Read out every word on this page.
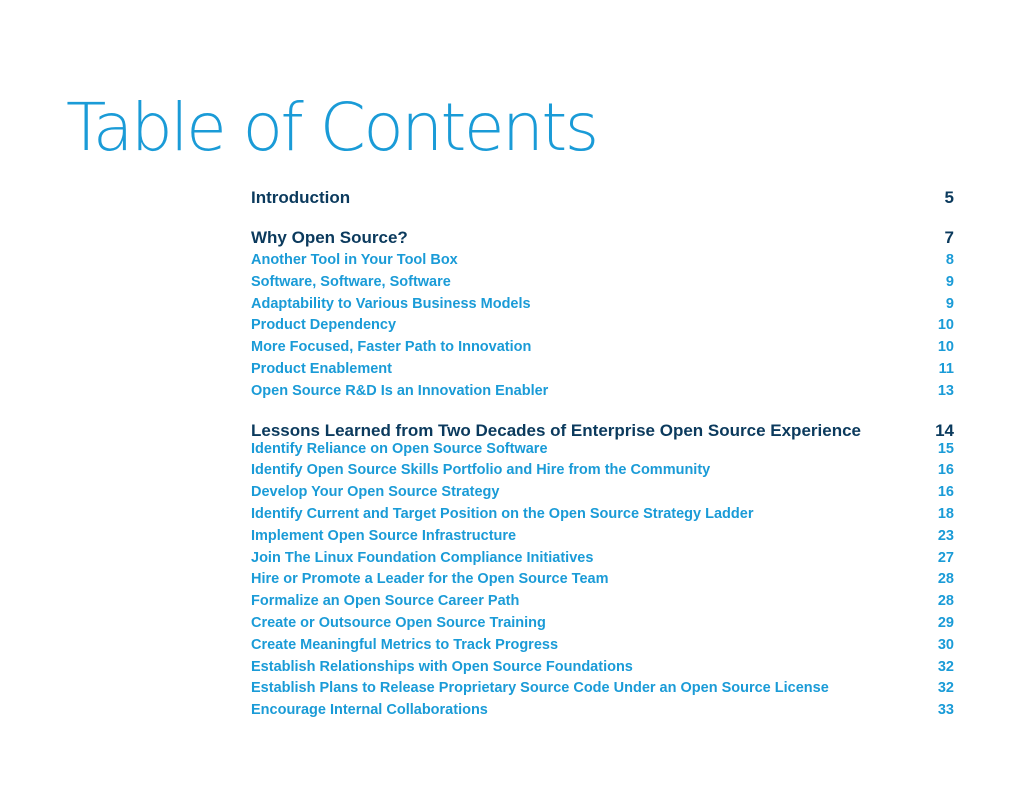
Table of Contents
Introduction	5
Why Open Source?	7
Another Tool in Your Tool Box	8
Software, Software, Software	9
Adaptability to Various Business Models	9
Product Dependency	10
More Focused, Faster Path to Innovation	10
Product Enablement	11
Open Source R&D Is an Innovation Enabler	13
Lessons Learned from Two Decades of Enterprise Open Source Experience	14
Identify Reliance on Open Source Software	15
Identify Open Source Skills Portfolio and Hire from the Community	16
Develop Your Open Source Strategy	16
Identify Current and Target Position on the Open Source Strategy Ladder	18
Implement Open Source Infrastructure	23
Join The Linux Foundation Compliance Initiatives	27
Hire or Promote a Leader for the Open Source Team	28
Formalize an Open Source Career Path	28
Create or Outsource Open Source Training	29
Create Meaningful Metrics to Track Progress	30
Establish Relationships with Open Source Foundations	32
Establish Plans to Release Proprietary Source Code Under an Open Source License	32
Encourage Internal Collaborations	33
